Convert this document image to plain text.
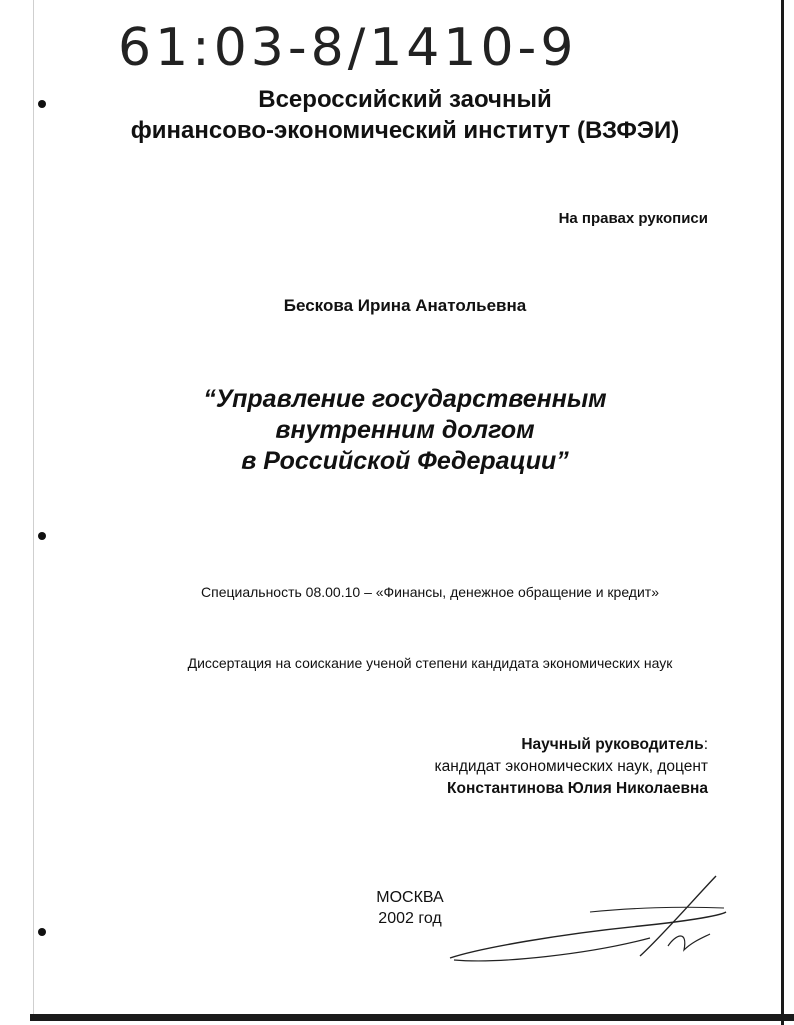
61:03-8/1410-9
Всероссийский заочный
финансово-экономический институт (ВЗФЭИ)
На правах рукописи
Бескова Ирина Анатольевна
“Управление государственным
внутренним долгом
в Российской Федерации”
Специальность 08.00.10 – «Финансы, денежное обращение и кредит»
Диссертация на соискание ученой степени кандидата экономических наук
Научный руководитель:
кандидат экономических наук, доцент
Константинова Юлия Николаевна
МОСКВА
2002 год
